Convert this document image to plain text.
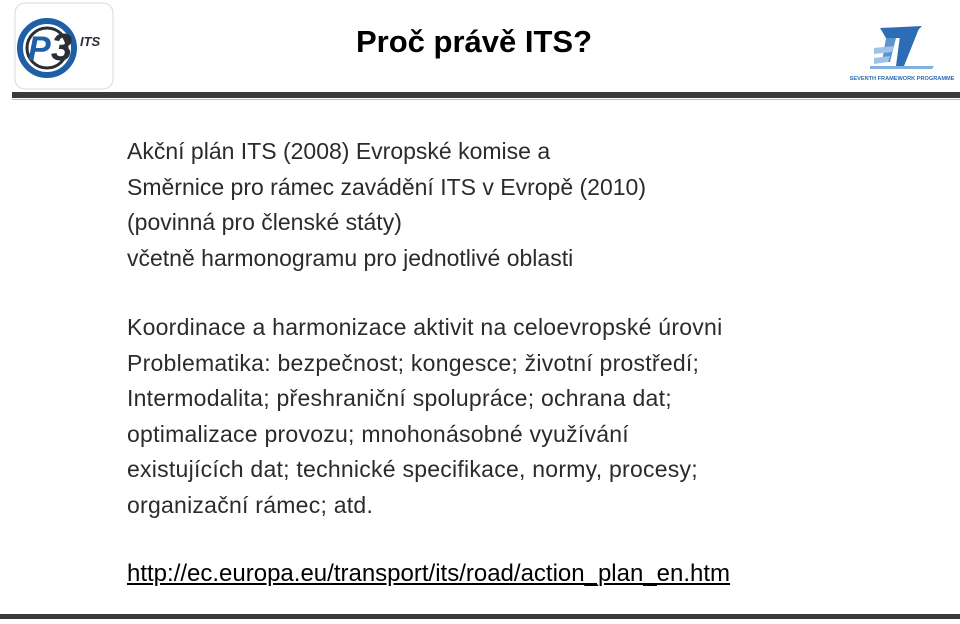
P 3 ITS	Proč právě ITS?
SEVENTH FRAMEWORK PROGRAMME
Akční plán ITS (2008) Evropské komise a
Směrnice pro rámec zavádění ITS v Evropě (2010)
(povinná pro členské státy)
včetně harmonogramu pro jednotlivé oblasti
Koordinace a harmonizace aktivit na celoevropské úrovni
Problematika: bezpečnost; kongesce; životní prostředí;
Intermodalita; přeshraniční spolupráce; ochrana dat;
optimalizace provozu; mnohonásobné využívání
existujících dat; technické specifikace, normy, procesy;
organizační rámec; atd.
http://ec.europa.eu/transport/its/road/action_plan_en.htm
